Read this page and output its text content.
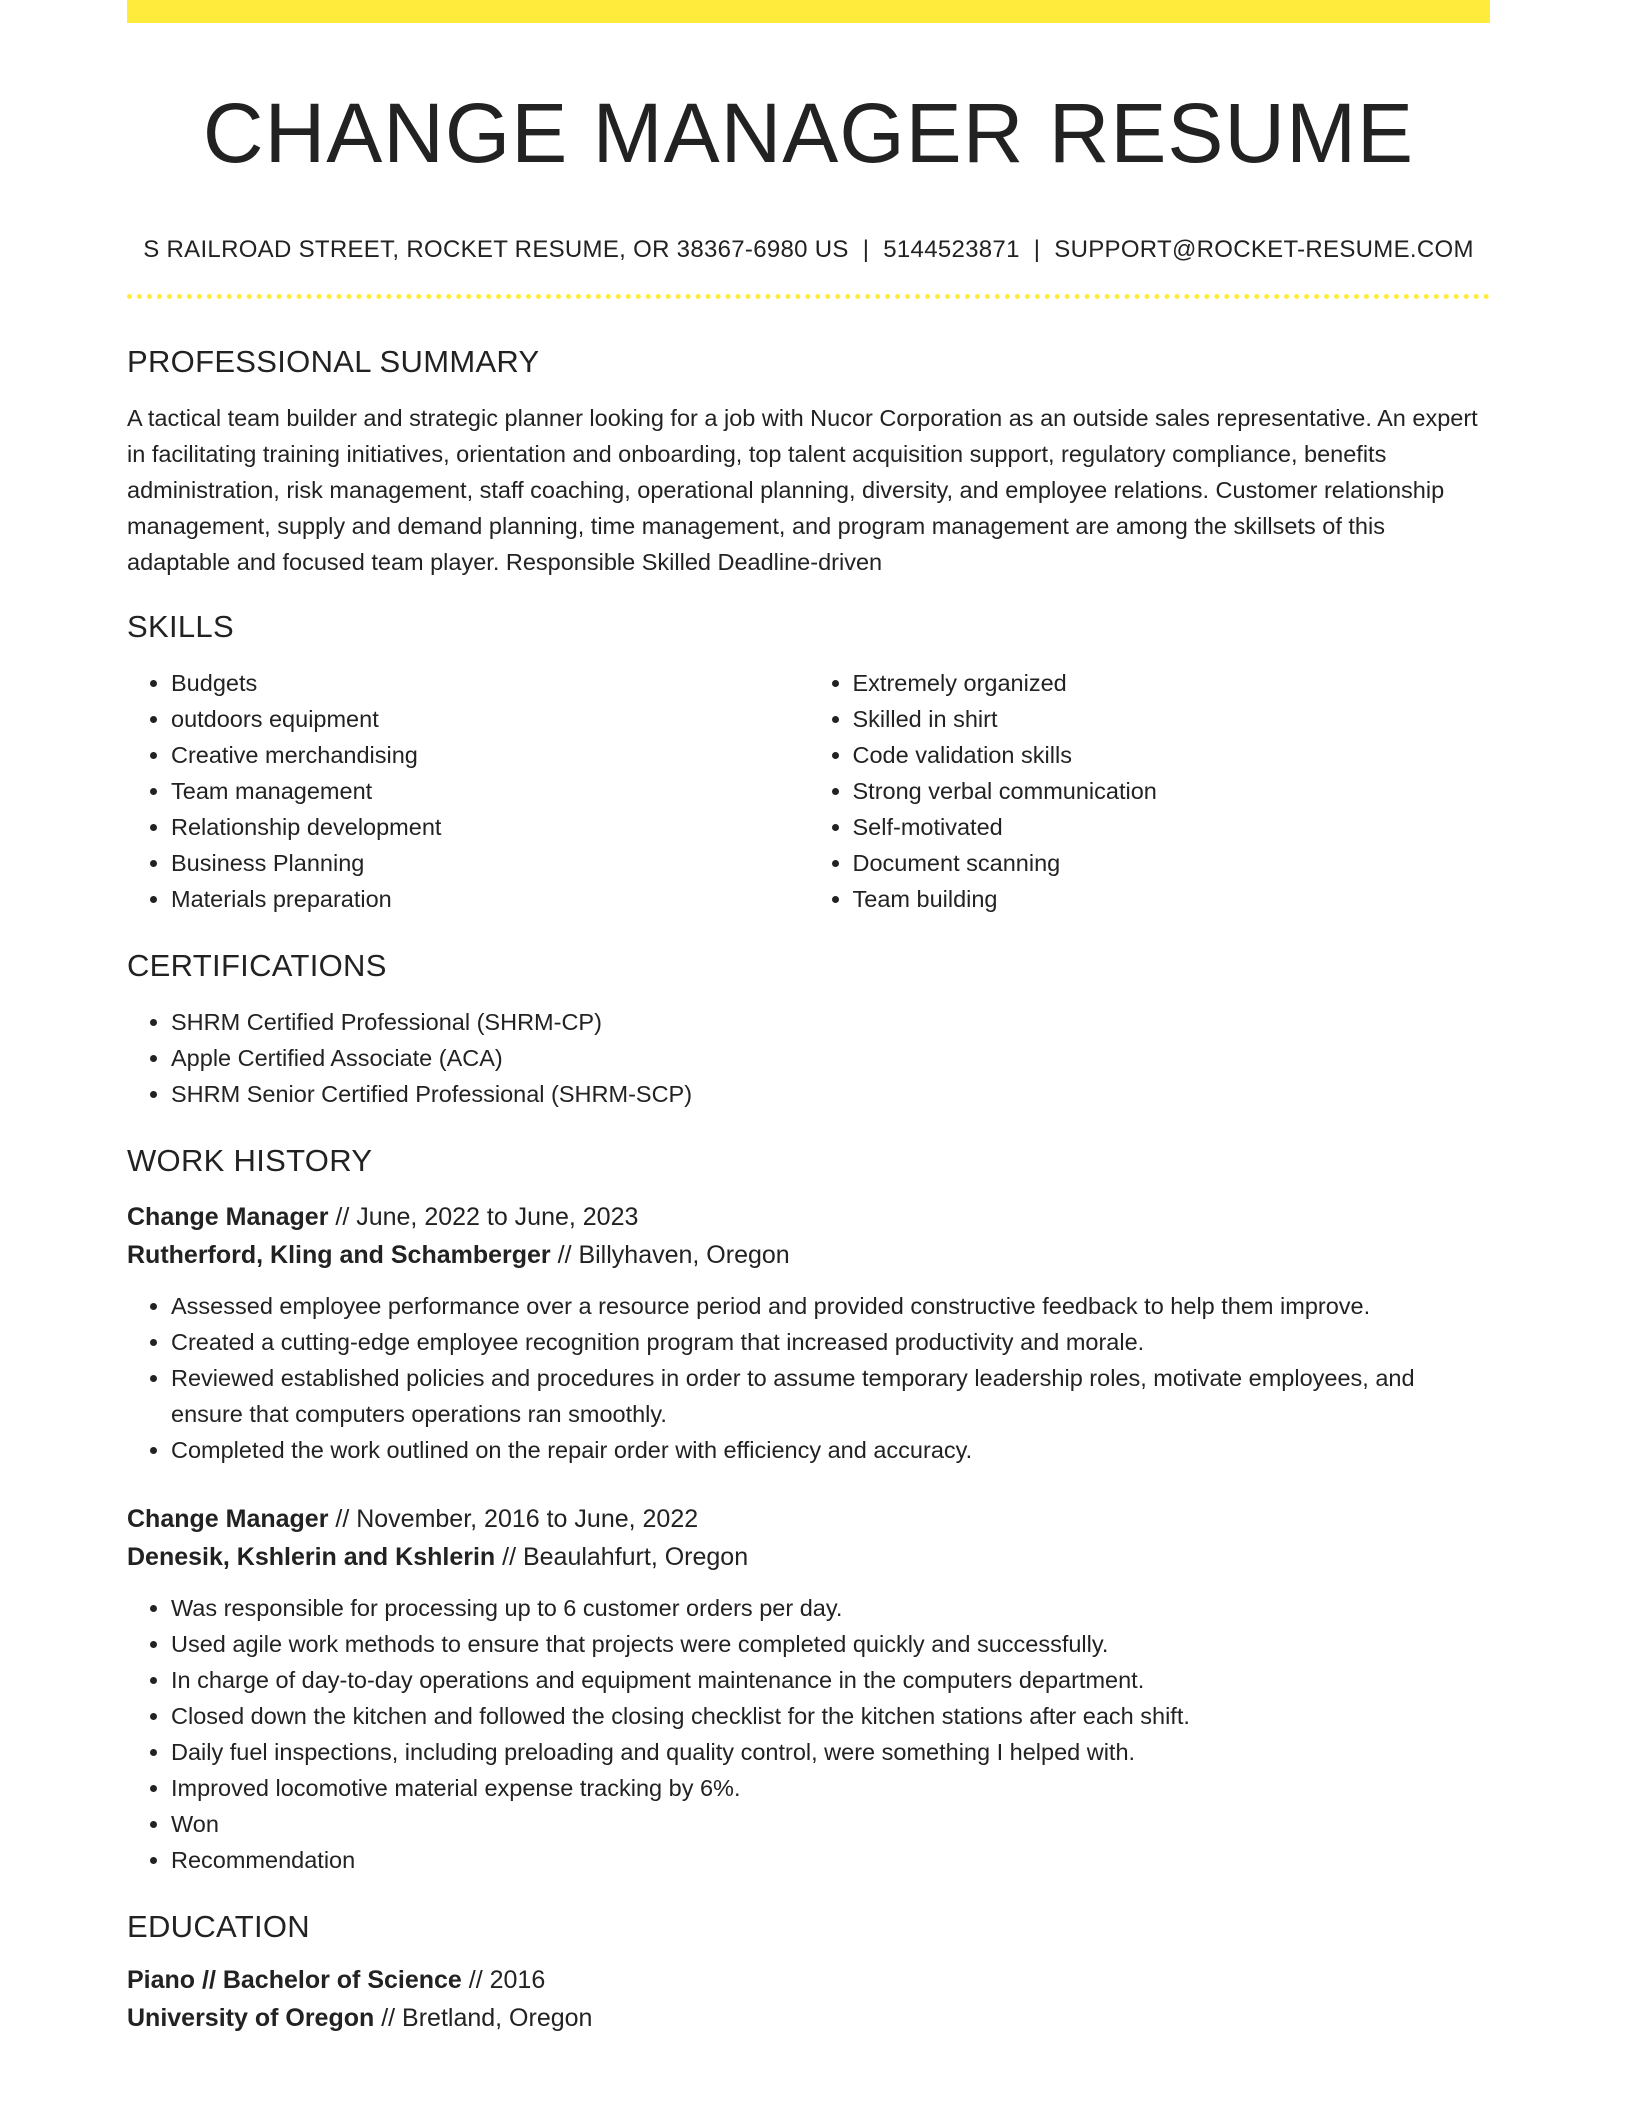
CHANGE MANAGER RESUME
S RAILROAD STREET, ROCKET RESUME, OR 38367-6980 US | 5144523871 | SUPPORT@ROCKET-RESUME.COM
PROFESSIONAL SUMMARY

A tactical team builder and strategic planner looking for a job with Nucor Corporation as an outside sales representative. An expert in facilitating training initiatives, orientation and onboarding, top talent acquisition support, regulatory compliance, benefits administration, risk management, staff coaching, operational planning, diversity, and employee relations. Customer relationship management, supply and demand planning, time management, and program management are among the skillsets of this adaptable and focused team player. Responsible Skilled Deadline-driven

SKILLS
• Budgets
• outdoors equipment
• Creative merchandising
• Team management
• Relationship development
• Business Planning
• Materials preparation
• Extremely organized
• Skilled in shirt
• Code validation skills
• Strong verbal communication
• Self-motivated
• Document scanning
• Team building
CERTIFICATIONS
• SHRM Certified Professional (SHRM-CP)
• Apple Certified Associate (ACA)
• SHRM Senior Certified Professional (SHRM-SCP)
WORK HISTORY
Change Manager // June, 2022 to June, 2023
Rutherford, Kling and Schamberger // Billyhaven, Oregon
• Assessed employee performance over a resource period and provided constructive feedback to help them improve.
• Created a cutting-edge employee recognition program that increased productivity and morale.
• Reviewed established policies and procedures in order to assume temporary leadership roles, motivate employees, and ensure that computers operations ran smoothly.
• Completed the work outlined on the repair order with efficiency and accuracy.
Change Manager // November, 2016 to June, 2022
Denesik, Kshlerin and Kshlerin // Beaulahfurt, Oregon
• Was responsible for processing up to 6 customer orders per day.
• Used agile work methods to ensure that projects were completed quickly and successfully.
• In charge of day-to-day operations and equipment maintenance in the computers department.
• Closed down the kitchen and followed the closing checklist for the kitchen stations after each shift.
• Daily fuel inspections, including preloading and quality control, were something I helped with.
• Improved locomotive material expense tracking by 6%.
• Won
• Recommendation
EDUCATION
Piano // Bachelor of Science // 2016
University of Oregon // Bretland, Oregon
